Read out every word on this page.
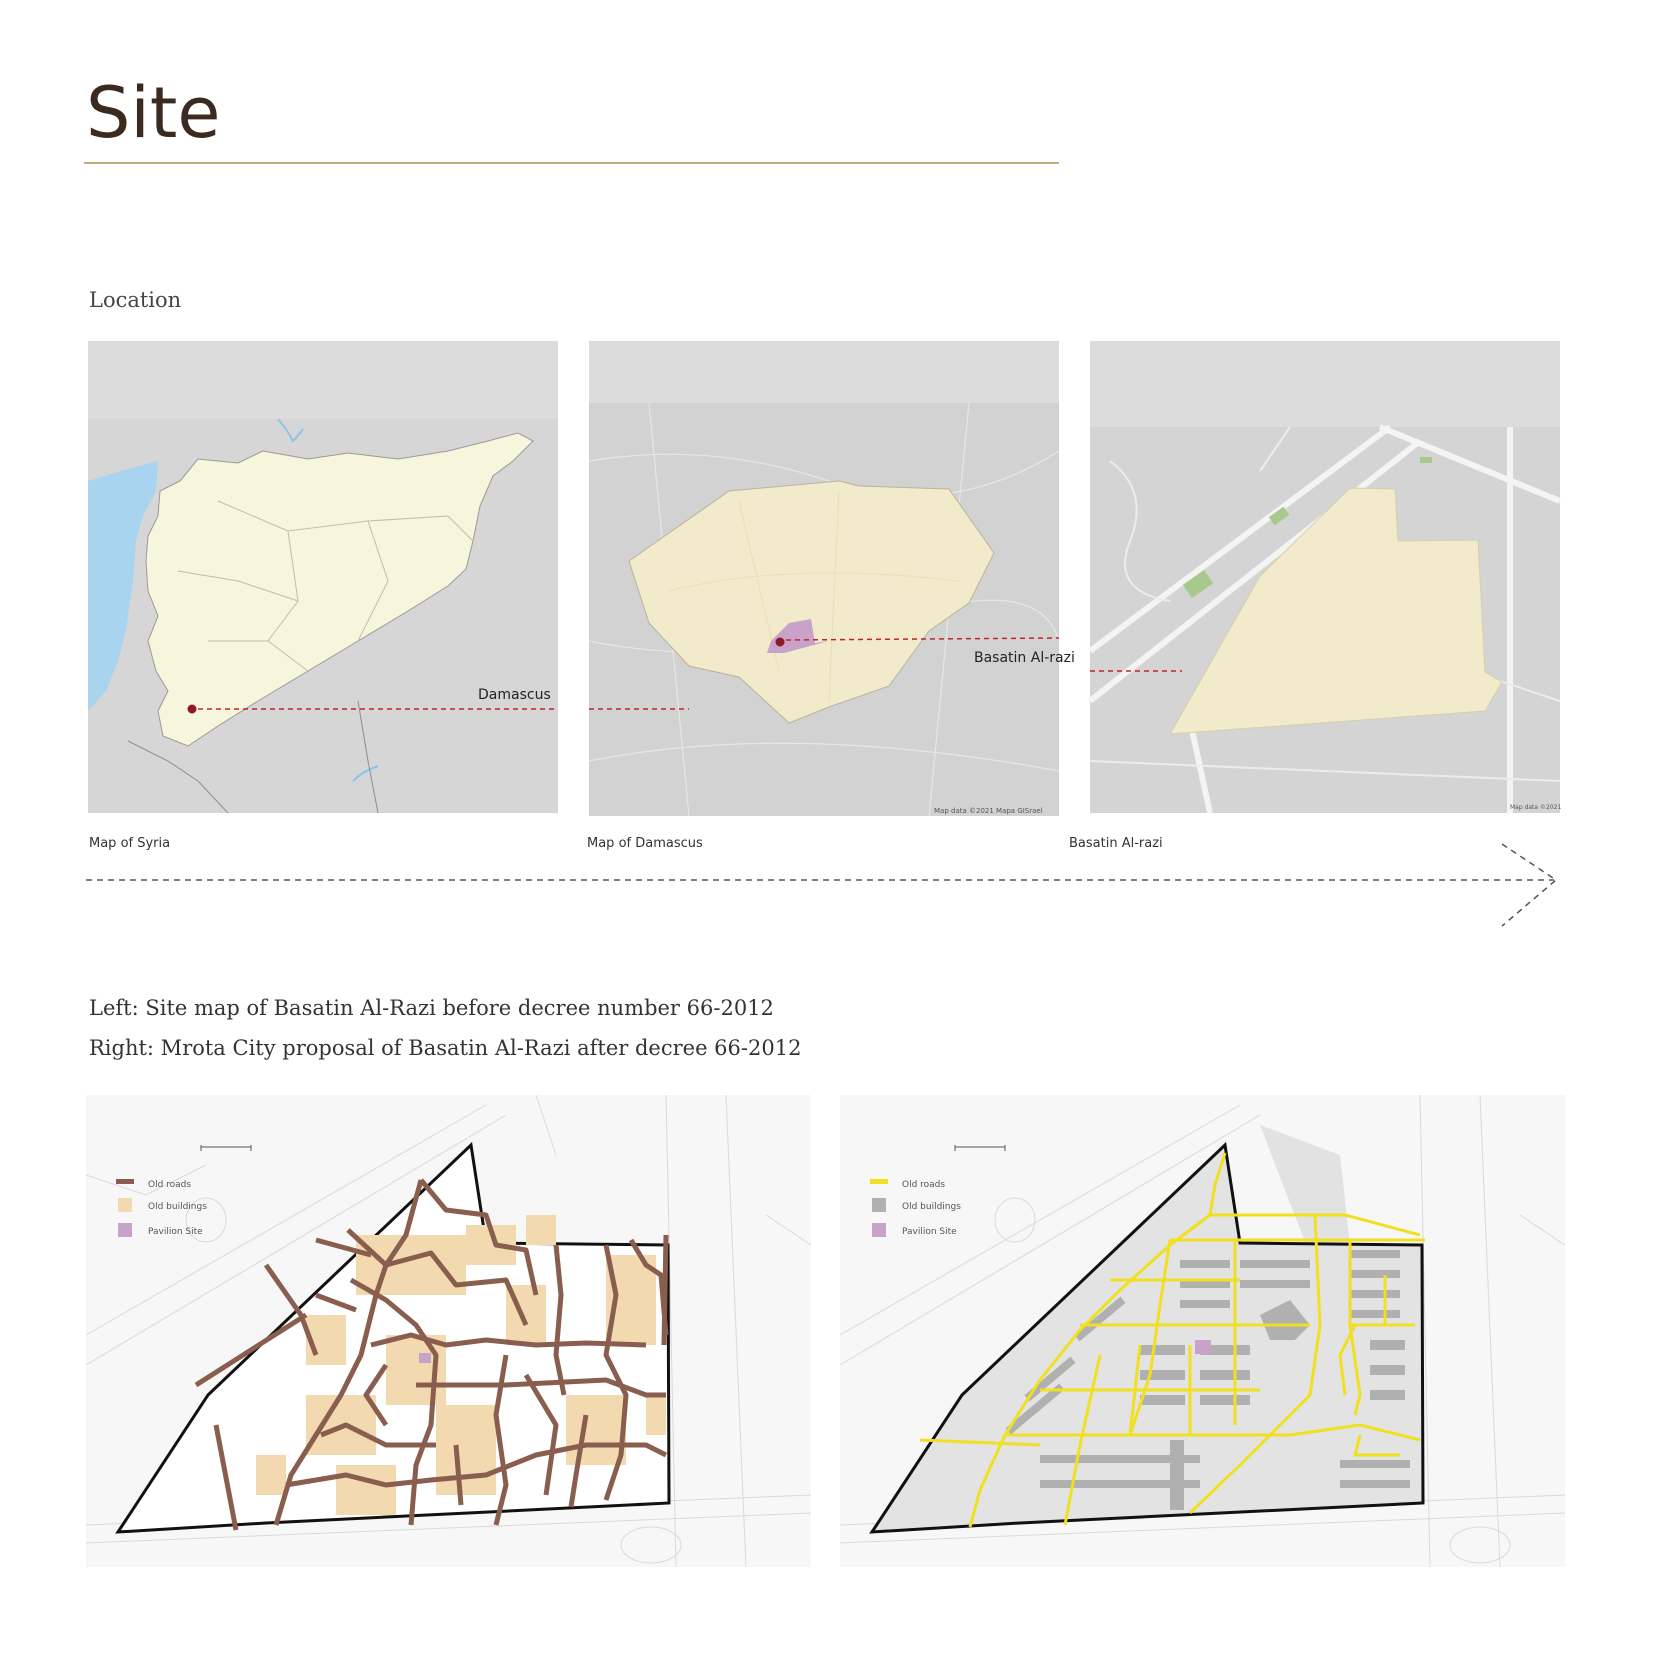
Site
Location
Damascus
Basatin Al-razi
Map data ©2021 Mapa GISrael	Map data ©2021
Map of Syria	Map of Damascus	Basatin Al-razi
Left: Site map of Basatin Al-Razi before decree number 66-2012
Right: Mrota City proposal of Basatin Al-Razi after decree 66-2012
Old roads
Old buildings
Pavilion Site
Old roads
Old buildings
Pavilion Site
